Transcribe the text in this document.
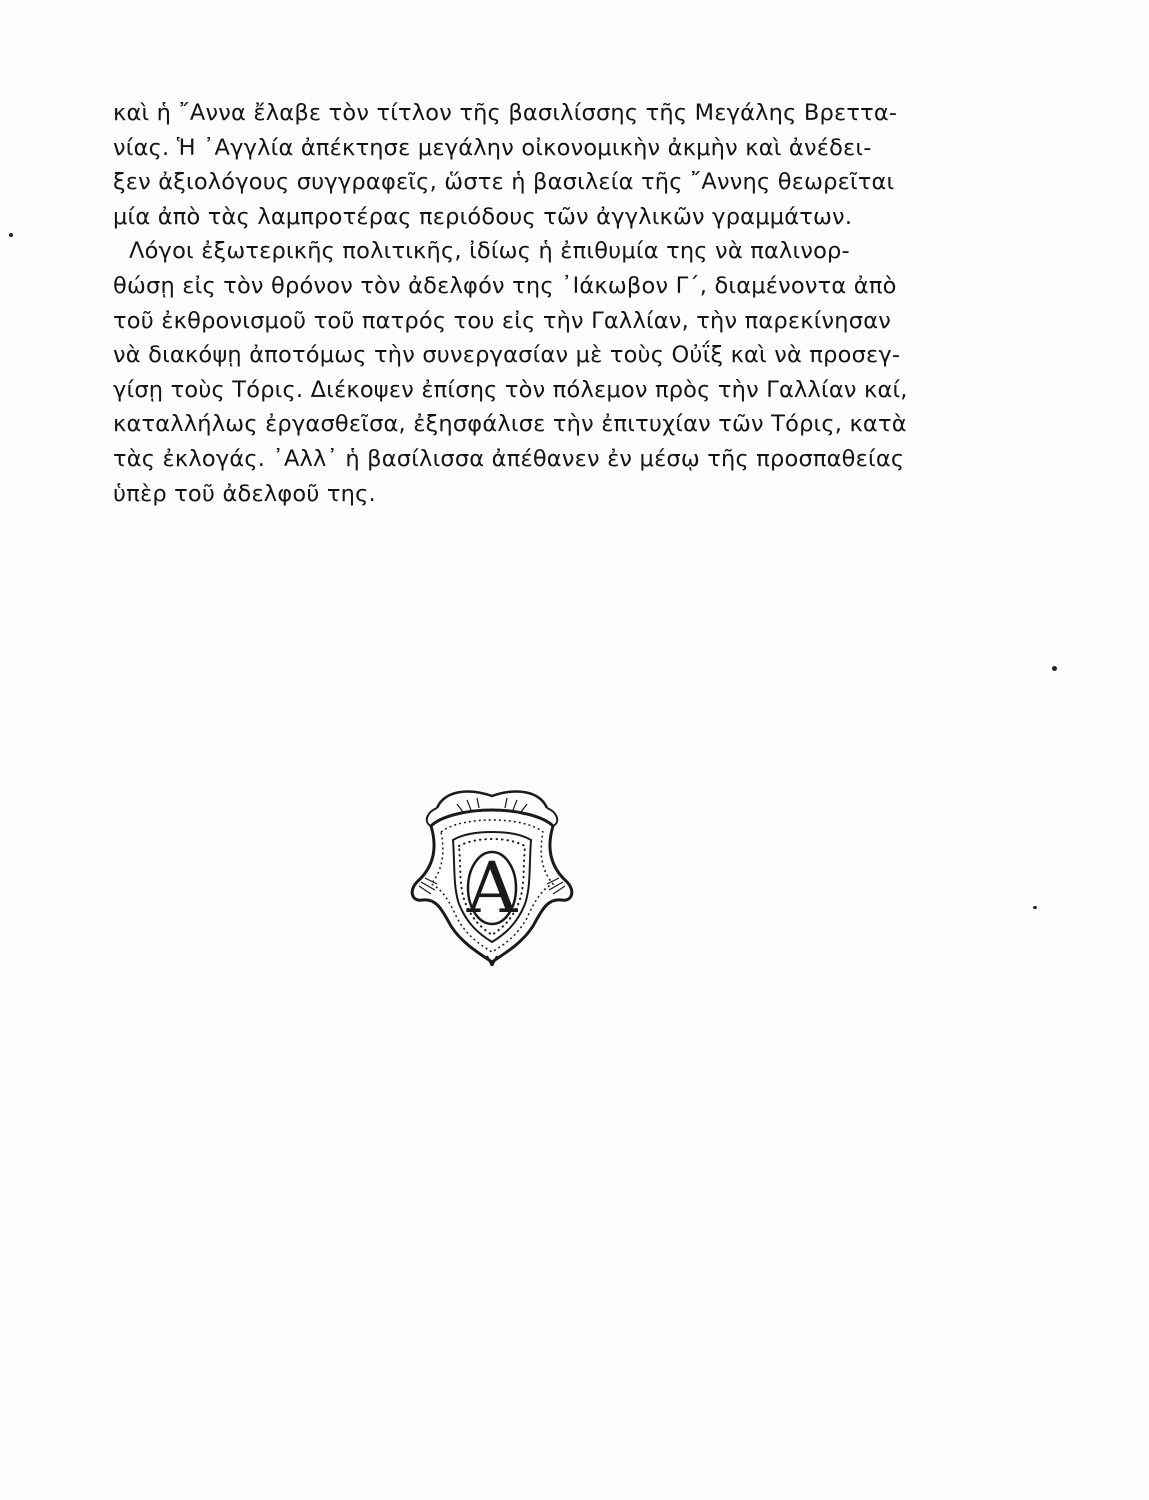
καὶ ἡ ῎Αννα ἔλαβε τὸν τίτλον τῆς βασιλίσσης τῆς Μεγάλης Βρεττα-
νίας. Ἡ ᾿Αγγλία ἀπέκτησε μεγάλην οἰκονομικὴν ἀκμὴν καὶ ἀνέδει-
ξεν ἀξιολόγους συγγραφεῖς, ὥστε ἡ βασιλεία τῆς ῎Αννης θεωρεῖται
μία ἀπὸ τὰς λαμπροτέρας περιόδους τῶν ἀγγλικῶν γραμμάτων.

Λόγοι ἐξωτερικῆς πολιτικῆς, ἰδίως ἡ ἐπιθυμία της νὰ παλινορ-
θώσῃ εἰς τὸν θρόνον τὸν ἀδελφόν της ᾿Ιάκωβον Γ΄, διαμένοντα ἀπὸ
τοῦ ἐκθρονισμοῦ τοῦ πατρός του εἰς τὴν Γαλλίαν, τὴν παρεκίνησαν
νὰ διακόψῃ ἀποτόμως τὴν συνεργασίαν μὲ τοὺς Οὐΐξ καὶ νὰ προσεγ-
γίσῃ τοὺς Τόρις. Διέκοψεν ἐπίσης τὸν πόλεμον πρὸς τὴν Γαλλίαν καί,
καταλλήλως ἐργασθεῖσα, ἐξησφάλισε τὴν ἐπιτυχίαν τῶν Τόρις, κατὰ
τὰς ἐκλογάς. ᾿Αλλ᾿ ἡ βασίλισσα ἀπέθανεν ἐν μέσῳ τῆς προσπαθείας
ὑπὲρ τοῦ ἀδελφοῦ της.

Α
